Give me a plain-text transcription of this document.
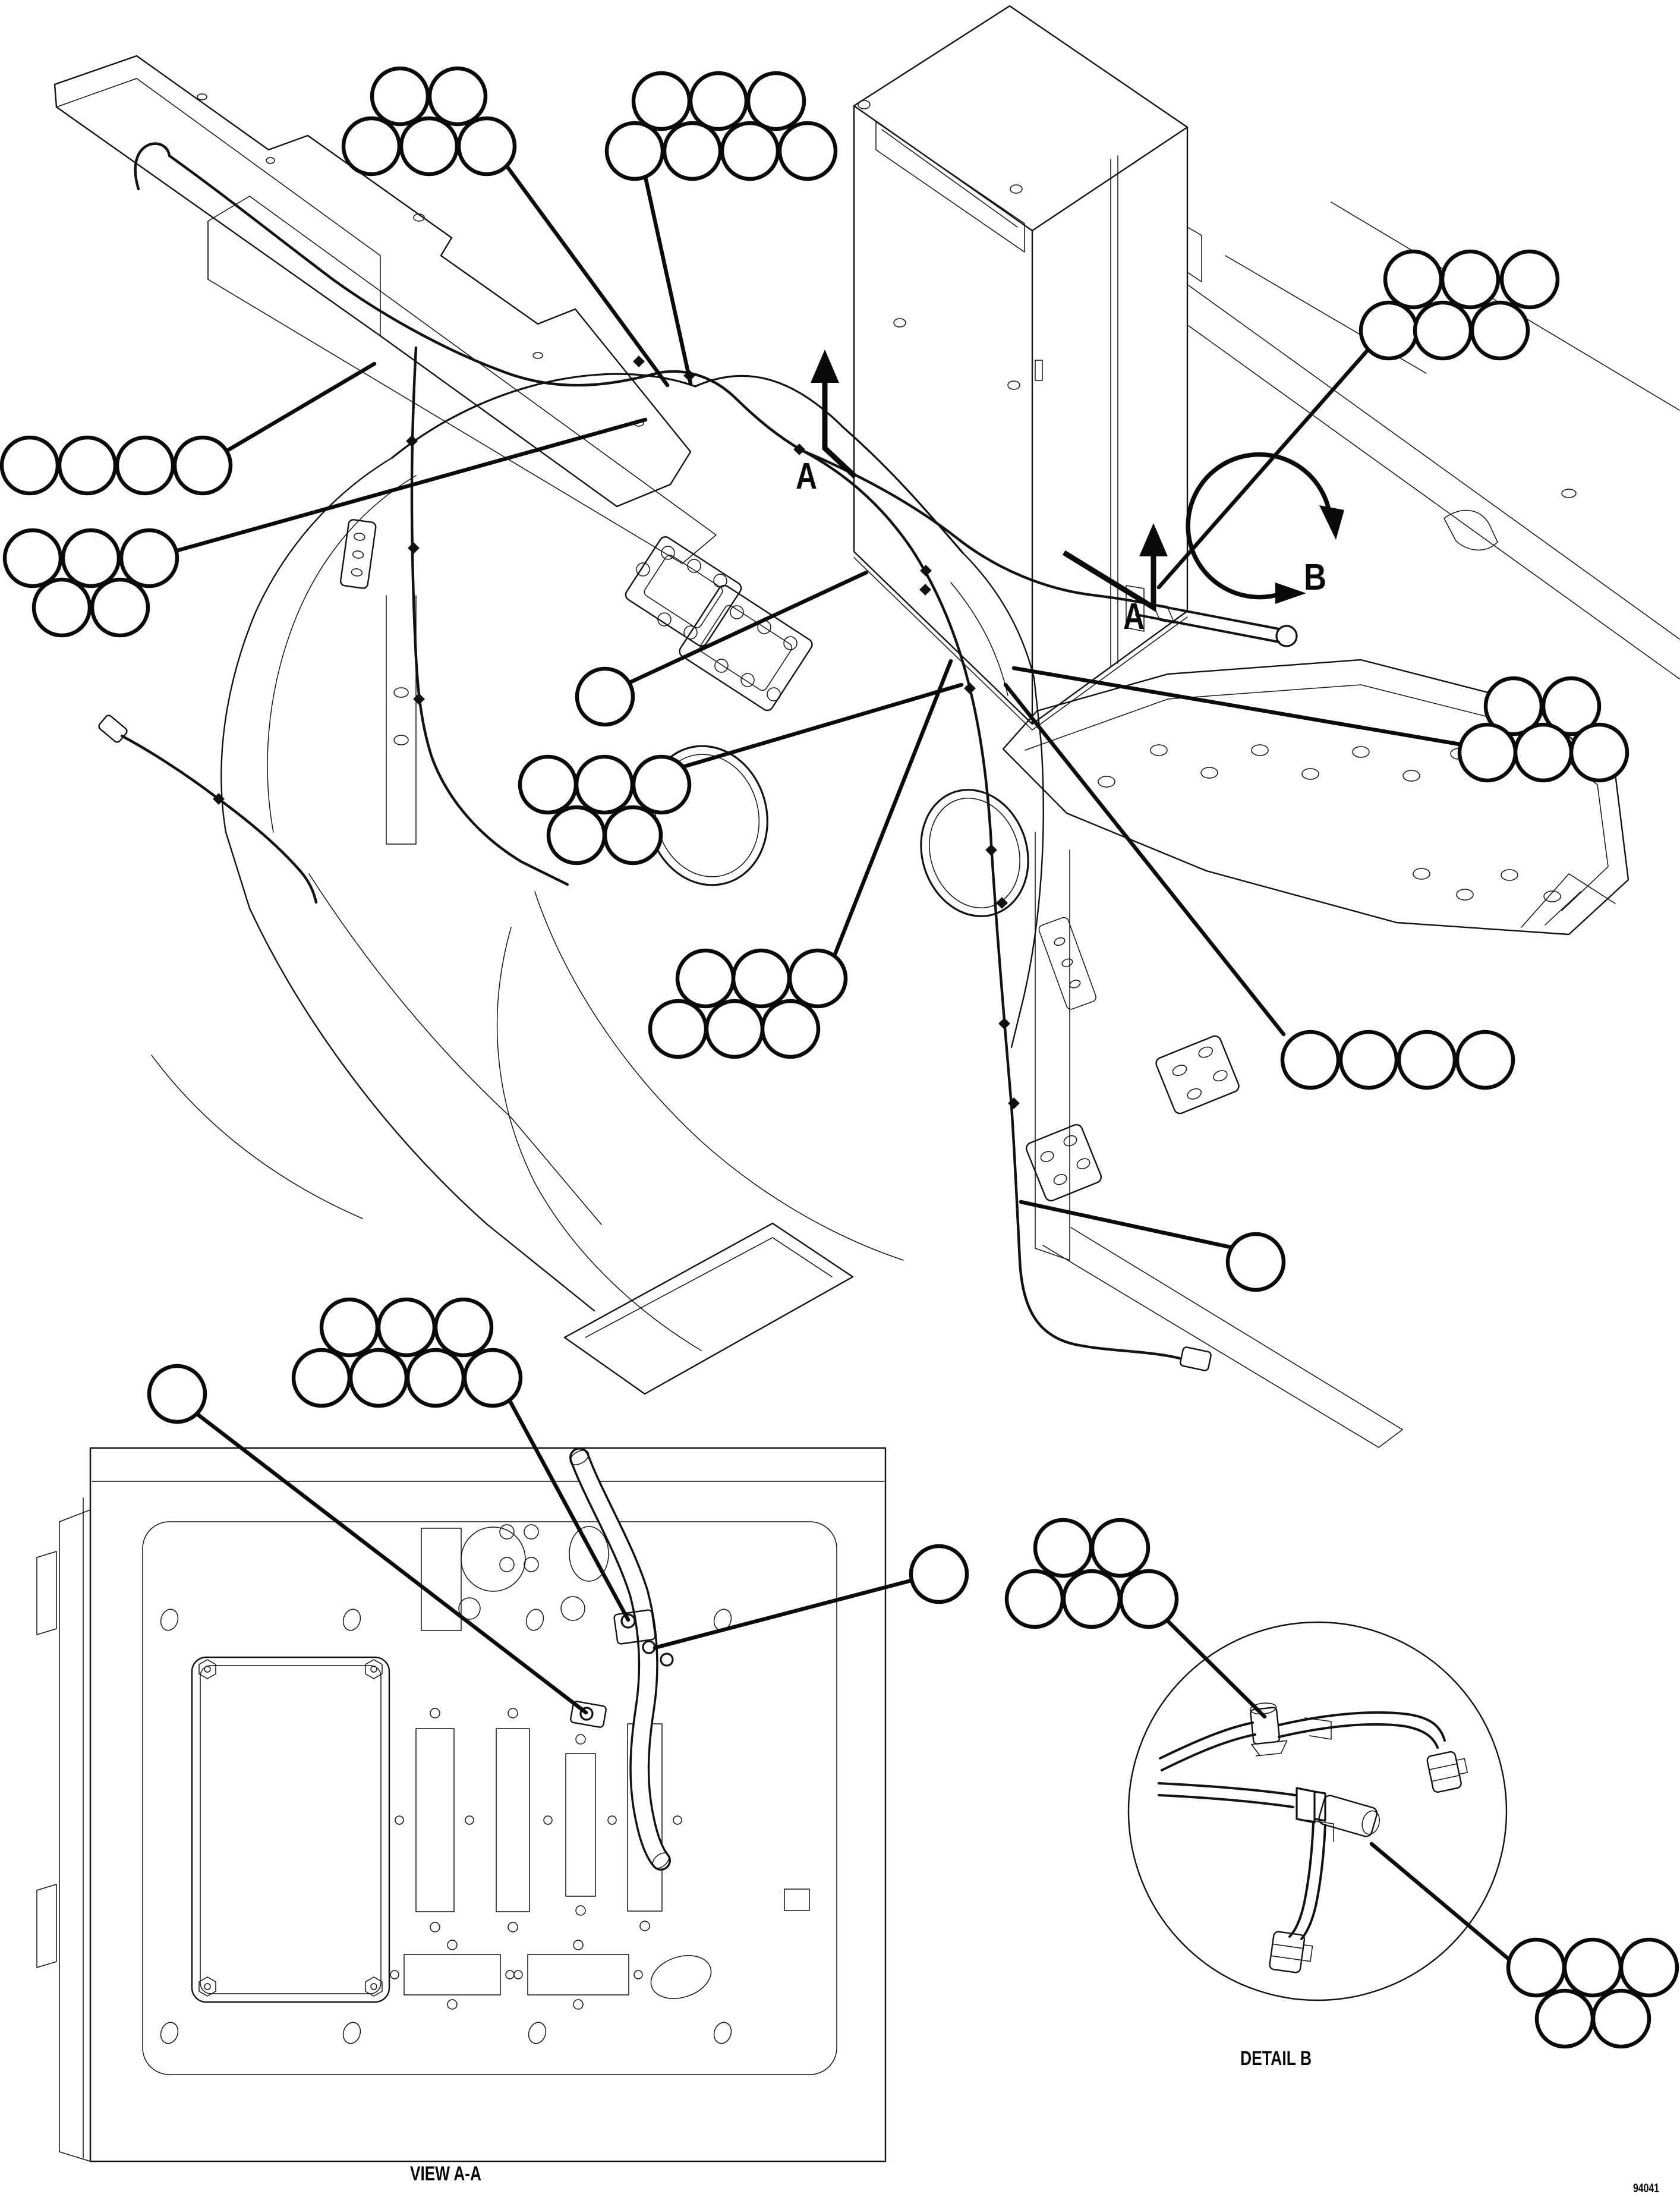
A
A
B
DETAIL B
VIEW A-A
94041
